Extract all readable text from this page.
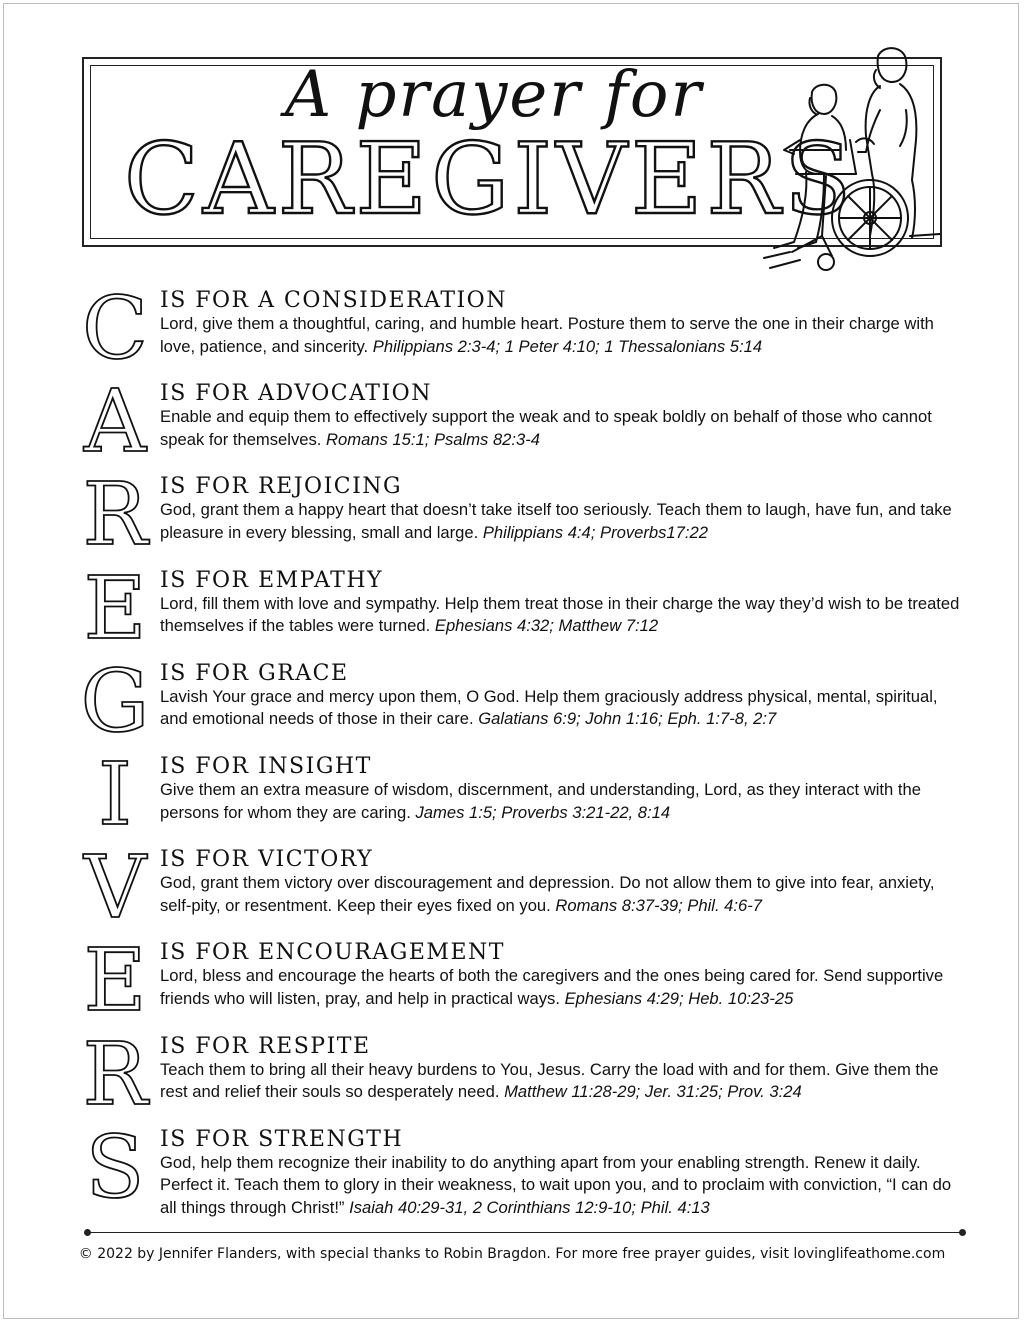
A prayer for
CAREGIVERS
C IS FOR A CONSIDERATION
Lord, give them a thoughtful, caring, and humble heart. Posture them to serve the one in their charge with love, patience, and sincerity. Philippians 2:3-4; 1 Peter 4:10; 1 Thessalonians 5:14
A IS FOR ADVOCATION
Enable and equip them to effectively support the weak and to speak boldly on behalf of those who cannot speak for themselves. Romans 15:1; Psalms 82:3-4
R IS FOR REJOICING
God, grant them a happy heart that doesn’t take itself too seriously. Teach them to laugh, have fun, and take pleasure in every blessing, small and large. Philippians 4:4; Proverbs17:22
E IS FOR EMPATHY
Lord, fill them with love and sympathy. Help them treat those in their charge the way they’d wish to be treated themselves if the tables were turned. Ephesians 4:32; Matthew 7:12
G IS FOR GRACE
Lavish Your grace and mercy upon them, O God. Help them graciously address physical, mental, spiritual, and emotional needs of those in their care. Galatians 6:9; John 1:16; Eph. 1:7-8, 2:7
I	IS FOR INSIGHT
Give them an extra measure of wisdom, discernment, and understanding, Lord, as they interact with the persons for whom they are caring. James 1:5; Proverbs 3:21-22, 8:14
V IS FOR VICTORY
God, grant them victory over discouragement and depression. Do not allow them to give into fear, anxiety, self-pity, or resentment. Keep their eyes fixed on you. Romans 8:37-39; Phil. 4:6-7
E IS FOR ENCOURAGEMENT
Lord, bless and encourage the hearts of both the caregivers and the ones being cared for. Send supportive friends who will listen, pray, and help in practical ways. Ephesians 4:29; Heb. 10:23-25
R IS FOR RESPITE
Teach them to bring all their heavy burdens to You, Jesus. Carry the load with and for them. Give them the rest and relief their souls so desperately need. Matthew 11:28-29; Jer. 31:25; Prov. 3:24
S IS FOR STRENGTH
God, help them recognize their inability to do anything apart from your enabling strength. Renew it daily. Perfect it. Teach them to glory in their weakness, to wait upon you, and to proclaim with conviction, “I can do all things through Christ!” Isaiah 40:29-31, 2 Corinthians 12:9-10; Phil. 4:13
© 2022 by Jennifer Flanders, with special thanks to Robin Bragdon. For more free prayer guides, visit lovinglifeathome.com
